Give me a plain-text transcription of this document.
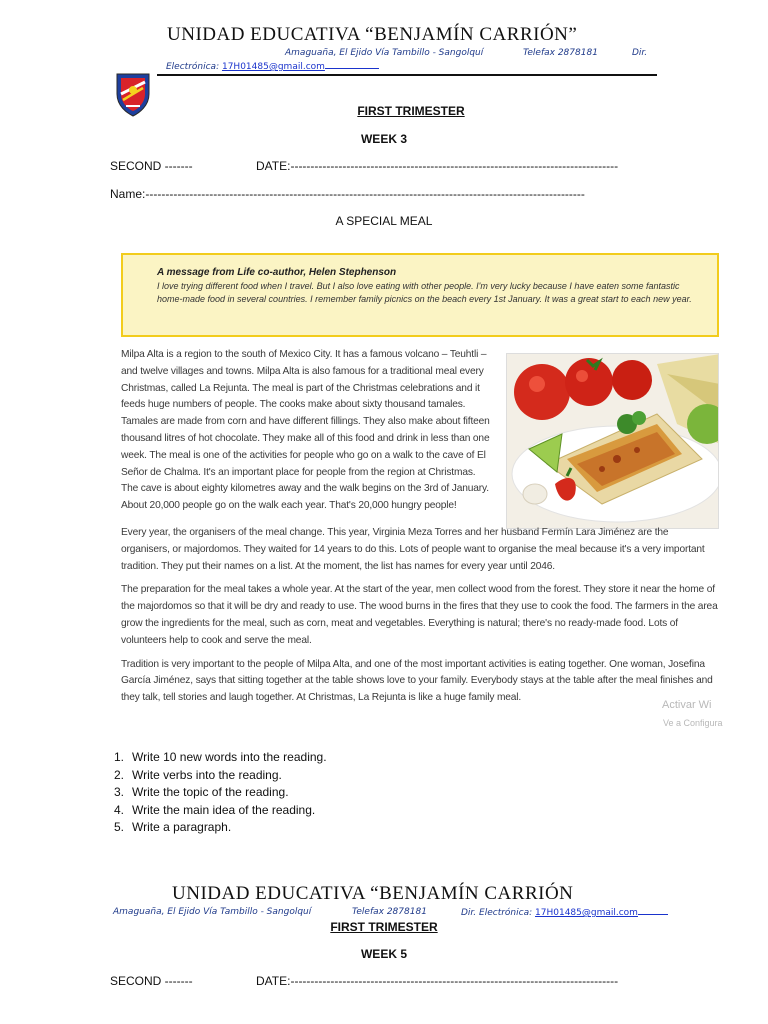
UNIDAD EDUCATIVA “BENJAMÍN CARRIÓN”
Amaguaña, El Ejido Vía Tambillo - Sangolquí	Telefax 2878181	Dir.
Electrónica: 17H01485@gmail.com
FIRST TRIMESTER
WEEK 3
SECOND -------	DATE:----------------------------------------------------------------------------------
Name:--------------------------------------------------------------------------------------------------------------
A SPECIAL MEAL
A message from Life co-author, Helen Stephenson
I love trying different food when I travel. But I also love eating with other people. I'm very lucky because I have eaten some fantastic home-made food in several countries. I remember family picnics on the beach every 1st January. It was a great start to each new year.
Milpa Alta is a region to the south of Mexico City. It has a famous volcano – Teuhtli – and twelve villages and towns. Milpa Alta is also famous for a traditional meal every Christmas, called La Rejunta. The meal is part of the Christmas celebrations and it feeds huge numbers of people. The cooks make about sixty thousand tamales. Tamales are made from corn and have different fillings. They also make about fifteen thousand litres of hot chocolate. They make all of this food and drink in less than one week. The meal is one of the activities for people who go on a walk to the cave of El Señor de Chalma. It's an important place for people from the region at Christmas. The cave is about eighty kilometres away and the walk begins on the 3rd of January. About 20,000 people go on the walk each year. That's 20,000 hungry people!

Every year, the organisers of the meal change. This year, Virginia Meza Torres and her husband Fermín Lara Jiménez are the organisers, or majordomos. They waited for 14 years to do this. Lots of people want to organise the meal because it's a very important tradition. They put their names on a list. At the moment, the list has names for every year until 2046.

The preparation for the meal takes a whole year. At the start of the year, men collect wood from the forest. They store it near the home of the majordomos so that it will be dry and ready to use. The wood burns in the fires that they use to cook the food. The farmers in the area grow the ingredients for the meal, such as corn, meat and vegetables. Everything is natural; there's no ready-made food. Lots of volunteers help to cook and serve the meal.

Tradition is very important to the people of Milpa Alta, and one of the most important activities is eating together. One woman, Josefina García Jiménez, says that sitting together at the table shows love to your family. Everybody stays at the table after the meal finishes and they talk, tell stories and laugh together. At Christmas, La Rejunta is like a huge family meal.

Activar Wi
Ve a Configura
1. Write 10 new words into the reading.
2. Write verbs into the reading.
3. Write the topic of the reading.
4. Write the main idea of the reading.
5. Write a paragraph.
UNIDAD EDUCATIVA “BENJAMÍN CARRIÓN
Amaguaña, El Ejido Vía Tambillo - Sangolquí	Telefax 2878181	Dir. Electrónica: 17H01485@gmail.com
FIRST TRIMESTER
WEEK 5
SECOND -------	DATE:----------------------------------------------------------------------------------
